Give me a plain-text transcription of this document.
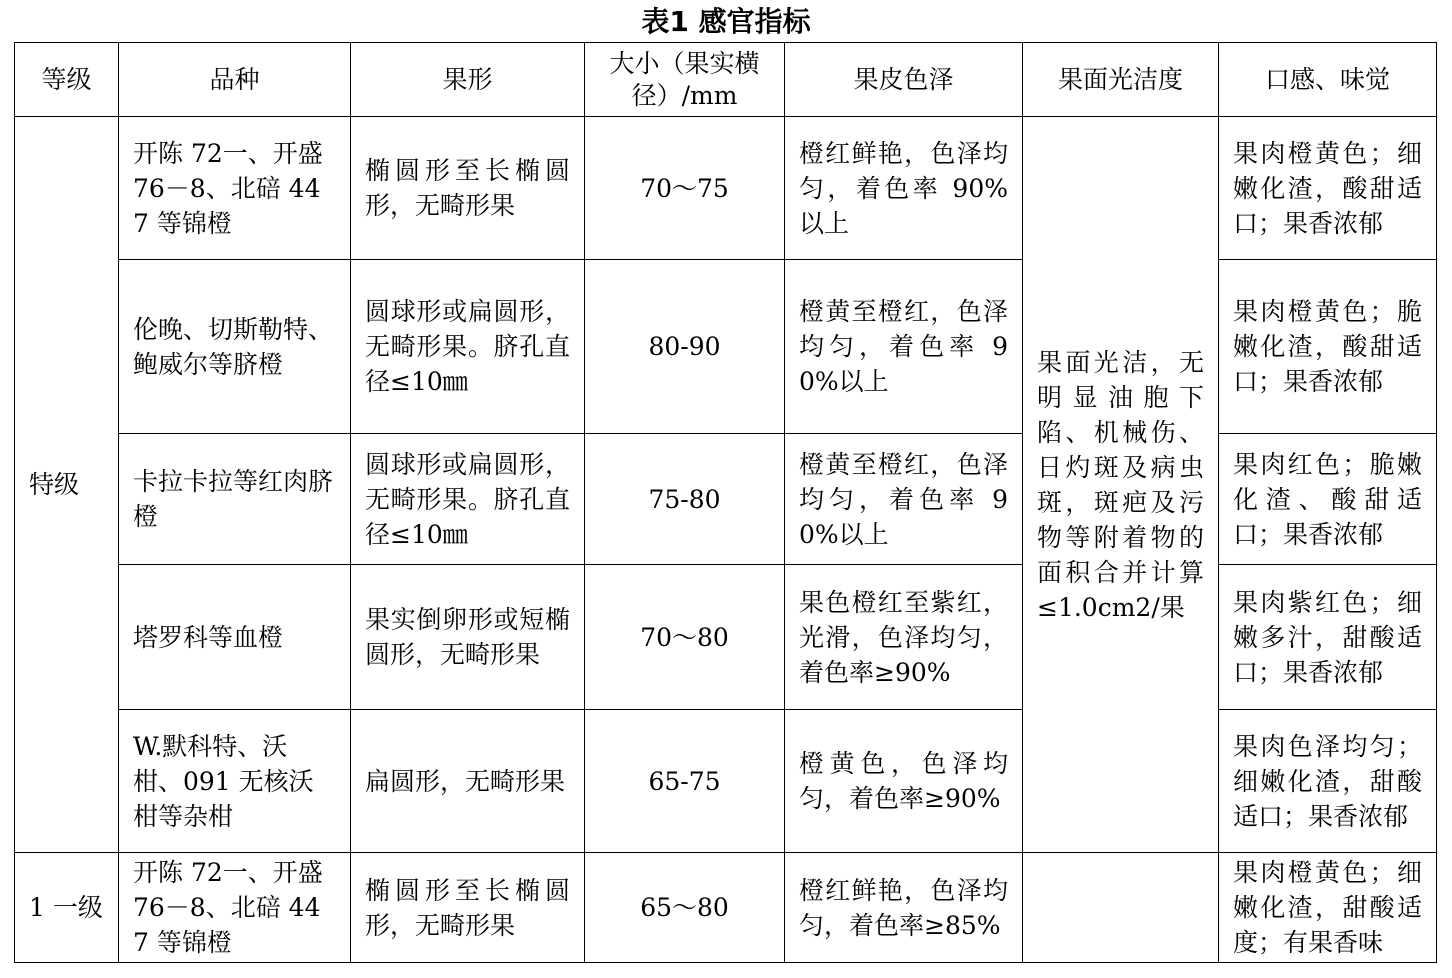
表1 感官指标
等级	品种	果形	大小（果实横径）/mm	果皮色泽	果面光洁度	口感、味觉
特级	开陈 72一、开盛 76－8、北碚 447 等锦橙	椭圆形至长椭圆形，无畸形果	70～75	橙红鲜艳，色泽均匀，着色率 90%以上	果面光洁，无明显油胞下陷、机械伤、日灼斑及病虫斑，斑疤及污物等附着物的面积合并计算≤1.0cm2/果	果肉橙黄色；细嫩化渣，酸甜适口；果香浓郁
	伦晚、切斯勒特、鲍威尔等脐橙	圆球形或扁圆形，无畸形果。脐孔直径≤10㎜	80-90	橙黄至橙红，色泽均匀，着色率 90%以上		果肉橙黄色；脆嫩化渣，酸甜适口；果香浓郁
	卡拉卡拉等红肉脐橙	圆球形或扁圆形，无畸形果。脐孔直径≤10㎜	75-80	橙黄至橙红，色泽均匀，着色率 90%以上		果肉红色；脆嫩化渣、酸甜适口；果香浓郁
	塔罗科等血橙	果实倒卵形或短椭圆形，无畸形果	70～80	果色橙红至紫红，光滑，色泽均匀，着色率≥90%		果肉紫红色；细嫩多汁，甜酸适口；果香浓郁
	W.默科特、沃柑、091 无核沃柑等杂柑	扁圆形，无畸形果	65-75	橙黄色，色泽均匀，着色率≥90%		果肉色泽均匀；细嫩化渣，甜酸适口；果香浓郁
1 一级	开陈 72一、开盛 76－8、北碚 447 等锦橙	椭圆形至长椭圆形，无畸形果	65～80	橙红鲜艳，色泽均匀，着色率≥85%		果肉橙黄色；细嫩化渣，甜酸适度；有果香味
